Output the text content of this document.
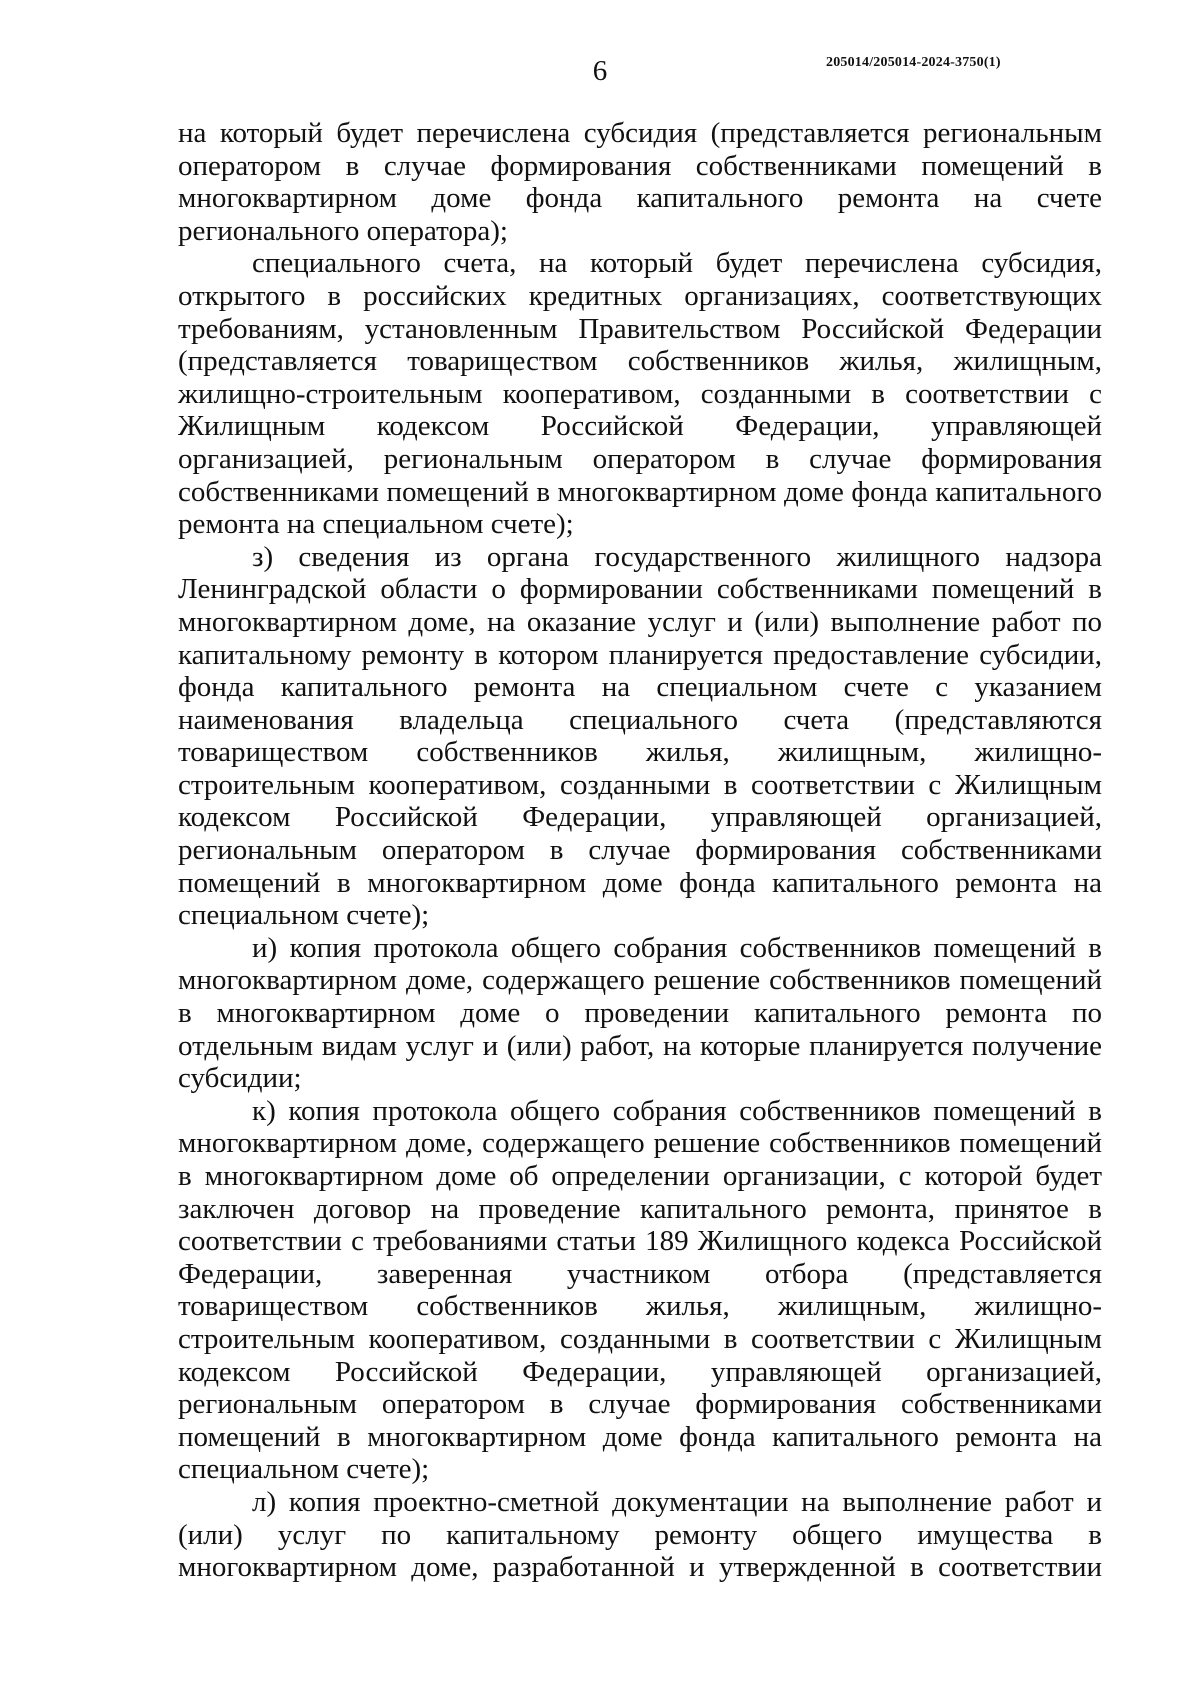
6	205014/205014-2024-3750(1)

на который будет перечислена субсидия (представляется региональным оператором в случае формирования собственниками помещений в многоквартирном доме фонда капитального ремонта на счете регионального оператора);

специального счета, на который будет перечислена субсидия, открытого в российских кредитных организациях, соответствующих требованиям, установленным Правительством Российской Федерации (представляется товариществом собственников жилья, жилищным, жилищно-строительным кооперативом, созданными в соответствии с Жилищным кодексом Российской Федерации, управляющей организацией, региональным оператором в случае формирования собственниками помещений в многоквартирном доме фонда капитального ремонта на специальном счете);

з) сведения из органа государственного жилищного надзора Ленинградской области о формировании собственниками помещений в многоквартирном доме, на оказание услуг и (или) выполнение работ по капитальному ремонту в котором планируется предоставление субсидии, фонда капитального ремонта на специальном счете с указанием наименования владельца специального счета (представляются товариществом собственников жилья, жилищным, жилищно-строительным кооперативом, созданными в соответствии с Жилищным кодексом Российской Федерации, управляющей организацией, региональным оператором в случае формирования собственниками помещений в многоквартирном доме фонда капитального ремонта на специальном счете);

и) копия протокола общего собрания собственников помещений в многоквартирном доме, содержащего решение собственников помещений в многоквартирном доме о проведении капитального ремонта по отдельным видам услуг и (или) работ, на которые планируется получение субсидии;

к) копия протокола общего собрания собственников помещений в многоквартирном доме, содержащего решение собственников помещений в многоквартирном доме об определении организации, с которой будет заключен договор на проведение капитального ремонта, принятое в соответствии с требованиями статьи 189 Жилищного кодекса Российской Федерации, заверенная участником отбора (представляется товариществом собственников жилья, жилищным, жилищно-строительным кооперативом, созданными в соответствии с Жилищным кодексом Российской Федерации, управляющей организацией, региональным оператором в случае формирования собственниками помещений в многоквартирном доме фонда капитального ремонта на специальном счете);

л) копия проектно-сметной документации на выполнение работ и (или) услуг по капитальному ремонту общего имущества в многоквартирном доме, разработанной и утвержденной в соответствии
